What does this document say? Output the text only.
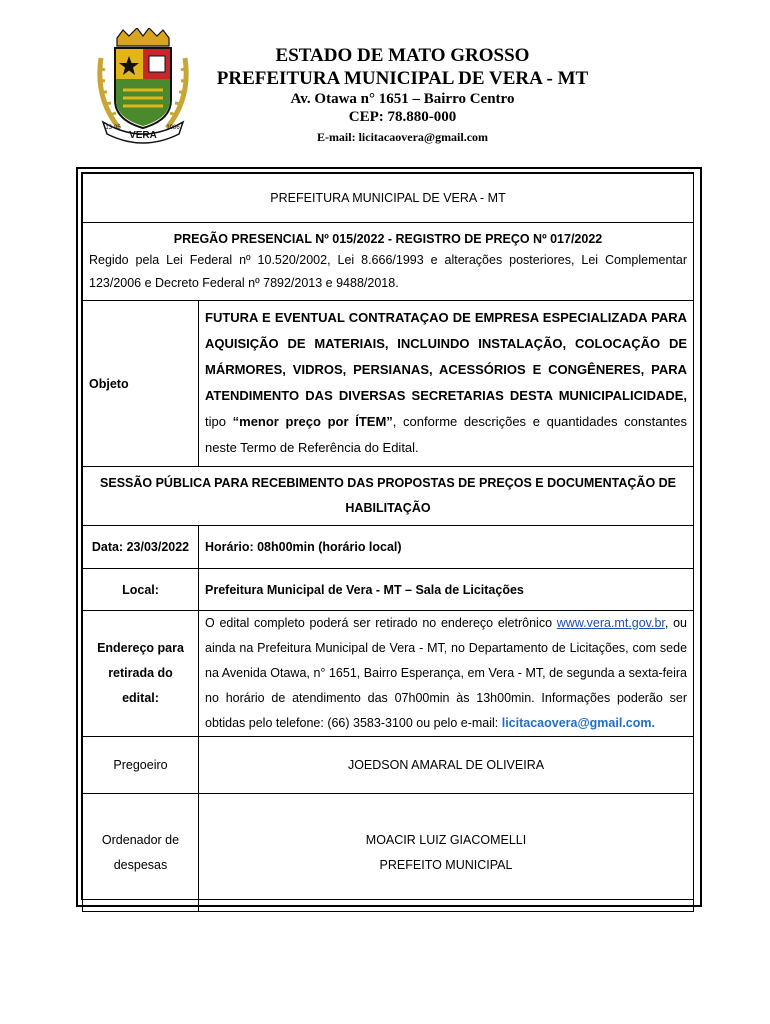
VERA
13-05	1986
ESTADO DE MATO GROSSO
PREFEITURA MUNICIPAL DE VERA - MT
Av. Otawa n° 1651 – Bairro Centro
CEP: 78.880-000
E-mail: licitacaovera@gmail.com
PREFEITURA MUNICIPAL DE VERA - MT	

PREGÃO PRESENCIAL Nº 015/2022 - REGISTRO DE PREÇO Nº 017/2022
Regido pela Lei Federal nº 10.520/2002, Lei 8.666/1993 e alterações posteriores, Lei Complementar 123/2006 e Decreto Federal nº 7892/2013 e 9488/2018.	

Objeto	FUTURA E EVENTUAL CONTRATAÇAO DE EMPRESA ESPECIALIZADA PARA AQUISIÇÃO DE MATERIAIS, INCLUINDO INSTALAÇÃO, COLOCAÇÃO DE MÁRMORES, VIDROS, PERSIANAS, ACESSÓRIOS E CONGÊNERES, PARA ATENDIMENTO DAS DIVERSAS SECRETARIAS DESTA MUNICIPALICIDADE, tipo “menor preço por ÍTEM”, conforme descrições e quantidades constantes neste Termo de Referência do Edital.

SESSÃO PÚBLICA PARA RECEBIMENTO DAS PROPOSTAS DE PREÇOS E DOCUMENTAÇÃO DE HABILITAÇÃO	
Data: 23/03/2022	Horário: 08h00min (horário local)
Local:	Prefeitura Municipal de Vera - MT – Sala de Licitações
Endereço para retirada do edital:	O edital completo poderá ser retirado no endereço eletrônico www.vera.mt.gov.br, ou ainda na Prefeitura Municipal de Vera - MT, no Departamento de Licitações, com sede na Avenida Otawa, n° 1651, Bairro Esperança, em Vera - MT, de segunda a sexta-feira no horário de atendimento das 07h00min às 13h00min. Informações poderão ser obtidas pelo telefone: (66) 3583-3100 ou pelo e-mail: licitacaovera@gmail.com.
Pregoeiro	JOEDSON AMARAL DE OLIVEIRA
Ordenador de despesas	MOACIR LUIZ GIACOMELLI
PREFEITO MUNICIPAL
